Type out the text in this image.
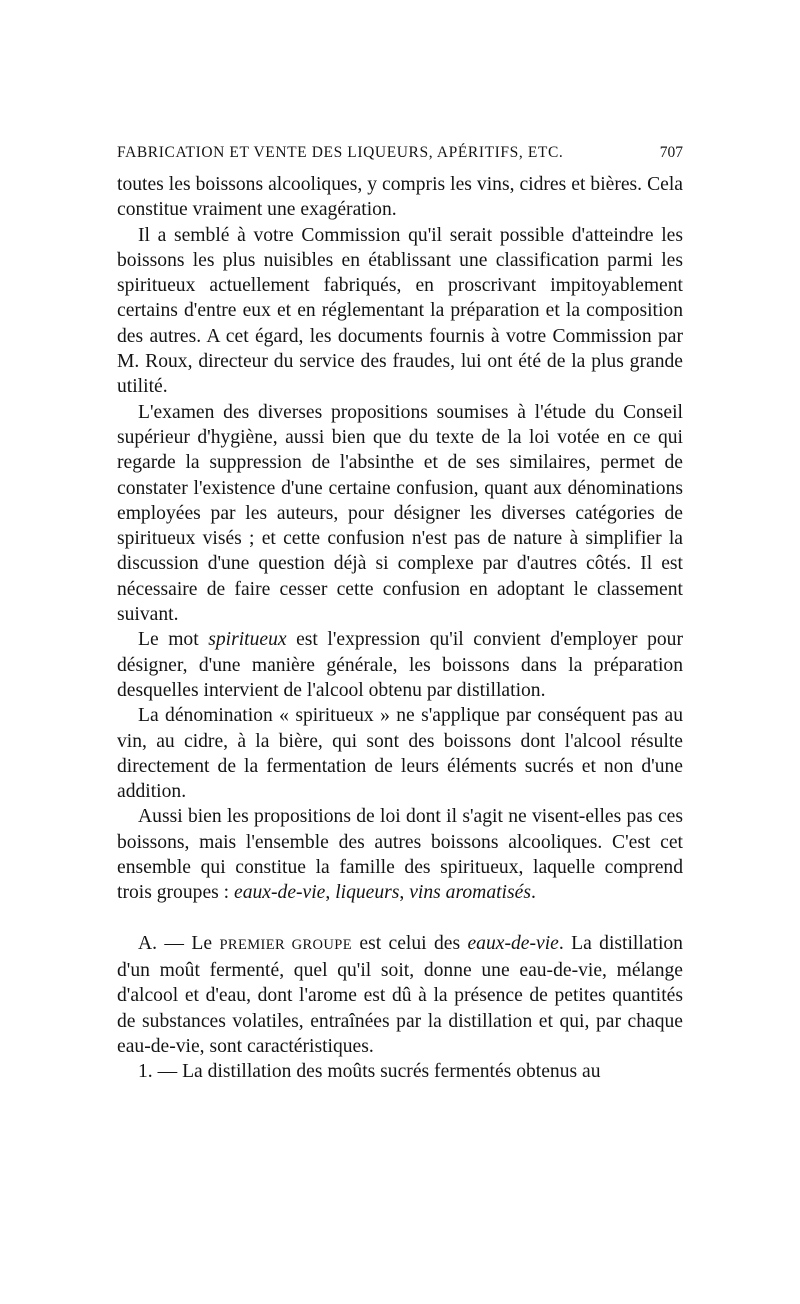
FABRICATION ET VENTE DES LIQUEURS, APÉRITIFS, ETC.	707

toutes les boissons alcooliques, y compris les vins, cidres et bières. Cela constitue vraiment une exagération.

Il a semblé à votre Commission qu'il serait possible d'atteindre les boissons les plus nuisibles en établissant une classification parmi les spiritueux actuellement fabriqués, en proscrivant impitoyablement certains d'entre eux et en réglementant la préparation et la composition des autres. A cet égard, les documents fournis à votre Commission par M. Roux, directeur du service des fraudes, lui ont été de la plus grande utilité.

L'examen des diverses propositions soumises à l'étude du Conseil supérieur d'hygiène, aussi bien que du texte de la loi votée en ce qui regarde la suppression de l'absinthe et de ses similaires, permet de constater l'existence d'une certaine confusion, quant aux dénominations employées par les auteurs, pour désigner les diverses catégories de spiritueux visés ; et cette confusion n'est pas de nature à simplifier la discussion d'une question déjà si complexe par d'autres côtés. Il est nécessaire de faire cesser cette confusion en adoptant le classement suivant.

Le mot spiritueux est l'expression qu'il convient d'employer pour désigner, d'une manière générale, les boissons dans la préparation desquelles intervient de l'alcool obtenu par distillation.

La dénomination « spiritueux » ne s'applique par conséquent pas au vin, au cidre, à la bière, qui sont des boissons dont l'alcool résulte directement de la fermentation de leurs éléments sucrés et non d'une addition.

Aussi bien les propositions de loi dont il s'agit ne visent-elles pas ces boissons, mais l'ensemble des autres boissons alcooliques. C'est cet ensemble qui constitue la famille des spiritueux, laquelle comprend trois groupes : eaux-de-vie, liqueurs, vins aromatisés.

A. — Le PREMIER GROUPE est celui des eaux-de-vie. La distillation d'un moût fermenté, quel qu'il soit, donne une eau-de-vie, mélange d'alcool et d'eau, dont l'arome est dû à la présence de petites quantités de substances volatiles, entraînées par la distillation et qui, par chaque eau-de-vie, sont caractéristiques.

1. — La distillation des moûts sucrés fermentés obtenus au
